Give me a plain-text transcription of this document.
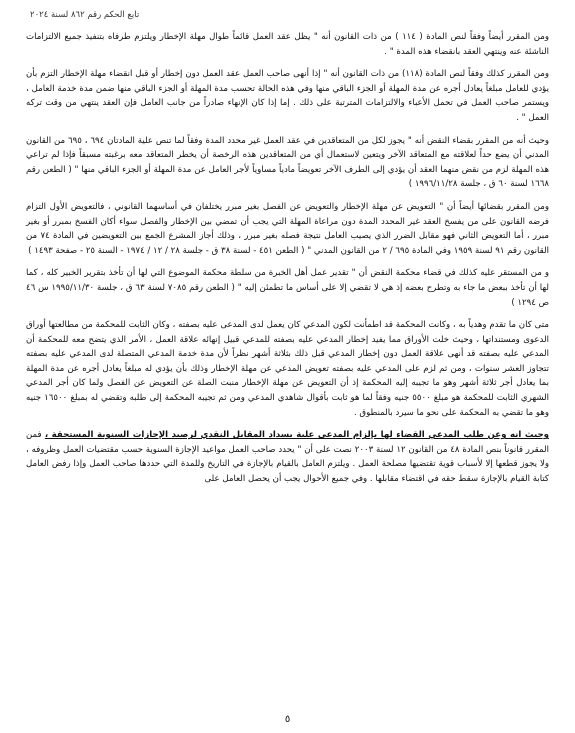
تابع الحكم رقم ٨٦٢ لسنة ٢٠٢٤

ومن المقرر أيضاً وفقاً لنص المادة ( ١١٤ ) من ذات القانون أنه " يظل عقد العمل قائماً طوال مهلة الإخطار ويلتزم طرفاه بتنفيذ جميع الالتزامات الناشئة عنه وينتهي العقد بانقضاء هذه المدة " .

ومن المقرر كذلك وفقاً لنص المادة (١١٨) من ذات القانون أنه " إذا أنهى صاحب العمل عقد العمل دون إخطار أو قبل انقضاء مهلة الإخطار التزم بأن يؤدي للعامل مبلغاً يعادل أجره عن مدة المهلة أو الجزء الباقي منها وفي هذه الحالة تحسب مدة المهلة أو الجزء الباقي منها ضمن مدة خدمة العامل ، ويستمر صاحب العمل في تحمل الأعباء والالتزامات المترتبة على ذلك . إما إذا كان الإنهاء صادراً من جانب العامل فإن العقد ينتهي من وقت تركه العمل " .

وحيث أنه من المقرر بقضاء النقض أنه " يجوز لكل من المتعاقدين في عقد العمل غير محدد المدة وفقاً لما تنص علية المادتان ٦٩٤ ، ٦٩٥ من القانون المدني أن يضع حداً لعلاقته مع المتعاقد الآخر ويتعين لاستعمال أي من المتعاقدين هذه الرخصة أن يخطر المتعاقد معه برغبته مسبقاً فإذا لم تراعي هذه المهلة لزم من نقض منهما العقد أن يؤدي إلى الطرف الآخر تعويضاً مادياً مساوياً لأجر العامل عن مدة المهلة أو الجزء الباقي منها " ( الطعن رقم ١٦٦٨ لسنة ٦٠ ق ، جلسة ١٩٩٦/١١/٢٨ )

ومن المقرر بقضائها أيضاً أن " التعويض عن مهلة الإخطار والتعويض عن الفصل بغير مبرر يختلفان في أساسهما القانوني ، فالتعويض الأول التزام فرضه القانون على من يفسخ العقد غير المحدد المدة دون مراعاة المهلة التي يجب أن تمضي بين الإخطار والفصل سواء أكان الفسخ بمبرر أو بغير مبرر ، أما التعويض الثاني فهو مقابل الضرر الذي يصيب العامل نتيجة فصله بغير مبرر ، وذلك أجاز المشرع الجمع بين التعويضين في المادة ٧٤ من القانون رقم ٩١ لسنة ١٩٥٩ وفي المادة ٦٩٥ / ٢ من القانون المدني " ( الطعن ٤٥١ - لسنة ٣٨ ق - جلسة ٢٨ / ١٢ / ١٩٧٤ - السنة ٢٥ - صفحة ١٤٩٣ )

و من المستقر عليه كذلك في قضاء محكمة النقض أن " تقدير عمل أهل الخبرة من سلطة محكمة الموضوع التي لها أن تأخذ بتقرير الخبير كله ، كما لها أن تأخذ ببعض ما جاء به وتطرح بعضه إذ هي لا تقضي إلا على أساس ما تطمئن إليه " ( الطعن رقم ٧٠٨٥ لسنة ٦٣ ق ، جلسة ١٩٩٥/١١/٣٠ س ٤٦ ص ١٢٩٤ )

متى كان ما تقدم وهدياً به ، وكانت المحكمة قد اطمأنت لكون المدعي كان يعمل لدى المدعى عليه بصفته ، وكان الثابت للمحكمة من مطالعتها أوراق الدعوى ومستنداتها ، وحيث خلت الأوراق مما يفيد إخطار المدعي عليه بصفته للمدعي قبيل إنهائه علاقة العمل ، الأمر الذي يتضح معه للمحكمة أن المدعي عليه بصفته قد أنهى علاقة العمل دون إخطار المدعي قبل ذلك بثلاثة أشهر نظراً لأن مدة خدمة المدعي المتصلة لدى المدعي عليه بصفته تتجاوز العشر سنوات ، ومن ثم لزم على المدعي عليه بصفته تعويض المدعي عن مهلة الإخطار وذلك بأن يؤدي له مبلغاً يعادل أجره عن مدة المهلة بما يعادل أجر ثلاثة أشهر وهو ما تجيبه إليه المحكمة إذ أن التعويض عن مهلة الإخطار منبت الصلة عن التعويض عن الفصل ولما كان أجر المدعي الشهري الثابت للمحكمة هو مبلغ ٥٥٠٠ جنيه وفقاً لما هو ثابت بأقوال شاهدي المدعي ومن ثم تجيبه المحكمة إلى طلبه وتقضي له بمبلغ ١٦٥٠٠ جنيه وهو ما تقضي به المحكمة على نحو ما سيرد بالمنطوق .

وحيث انه وعن طلب المدعي القضاء لها بإلزام المدعى علية بسداد المقابل النقدي لرصيد الإجازات السنوية المستحقة ، فمن المقرر قانوناً بنص المادة ٤٨ من القانون ١٢ لسنة ٢٠٠٣ نصت على أن " يحدد صاحب العمل مواعيد الإجازة السنوية حسب مقتضيات العمل وظروفه ، ولا يجوز قطعها إلا لأسباب قوية تقتضيها مصلحة العمل . ويلتزم العامل بالقيام بالإجازة في التاريخ وللمدة التي حددها صاحب العمل وإذا رفض العامل كتابة القيام بالإجازة سقط حقه في اقتضاء مقابلها . وفي جميع الأحوال يجب أن يحصل العامل على

٥
